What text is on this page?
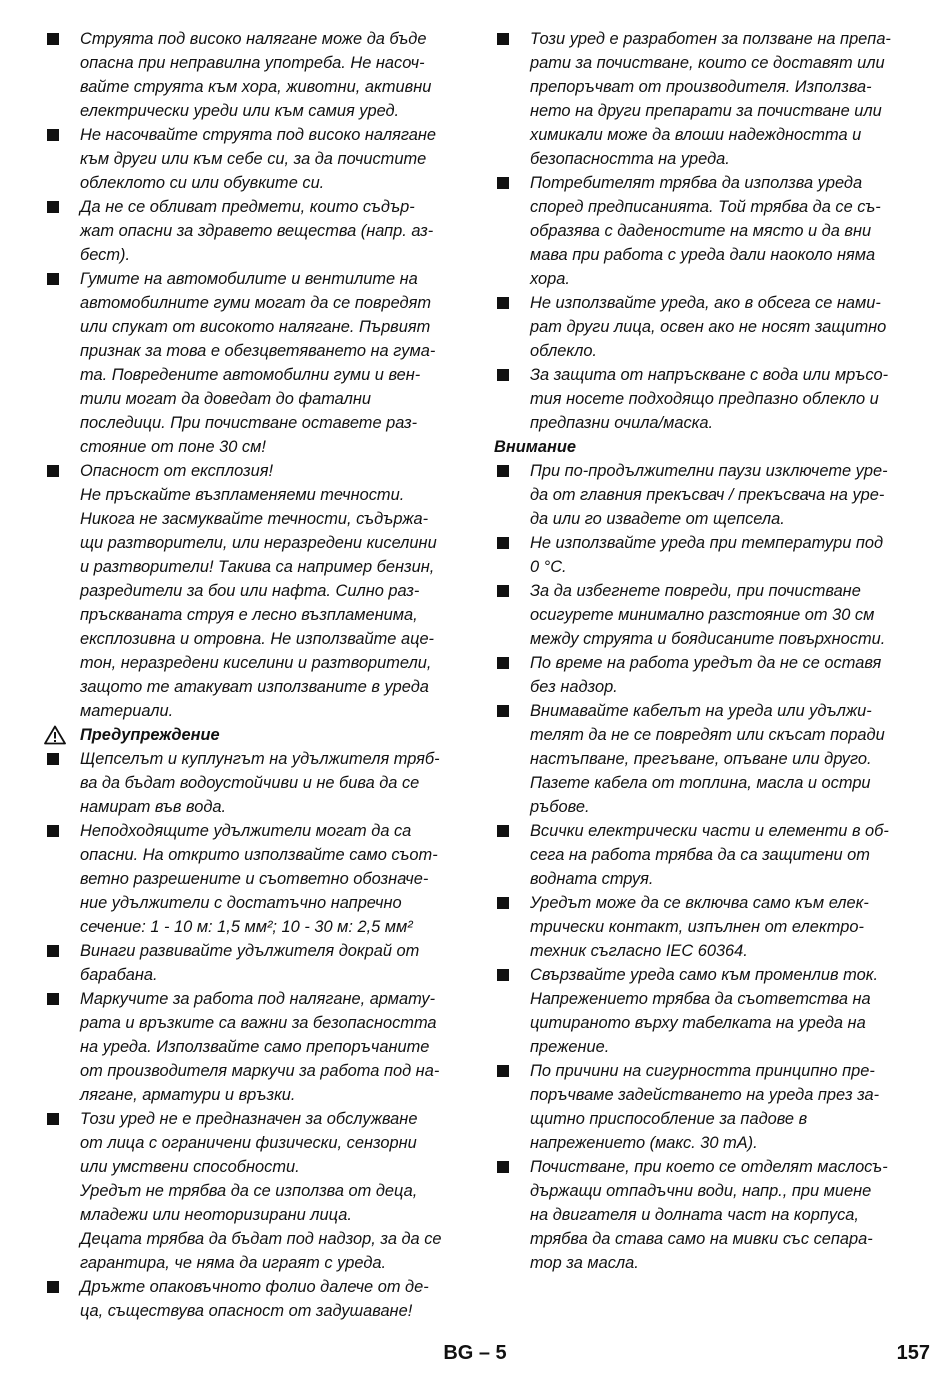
Струята под високо налягане може да бъде
опасна при неправилна употреба. Не насоч-
вайте струята към хора, животни, активни
електрически уреди или към самия уред.
Не насочвайте струята под високо налягане
към други или към себе си, за да почистите
облеклото си или обувките си.
Да не се обливат предмети, които съдър-
жат опасни за здравето вещества (напр. аз-
бест).
Гумите на автомобилите и вентилите на
автомобилните гуми могат да се повредят
или спукат от високото налягане. Първият
признак за това е обезцветяването на гума-
та. Повредените автомобилни гуми и вен-
тили могат да доведат до фатални
последици. При почистване оставете раз-
стояние от поне 30 см!
Опасност от експлозия!
Не пръскайте възпламеняеми течности.
Никога не засмуквайте течности, съдържа-
щи разтворители, или неразредени киселини
и разтворители! Такива са например бензин,
разредители за бои или нафта. Силно раз-
пръскваната струя е лесно възпламенима,
експлозивна и отровна. Не използвайте аце-
тон, неразредени киселини и разтворители,
защото те атакуват използваните в уреда
материали.
Предупреждение
Щепселът и куплунгът на удължителя тряб-
ва да бъдат водоустойчиви и не бива да се
намират във вода.
Неподходящите удължители могат да са
опасни. На открито използвайте само съот-
ветно разрешените и съответно обозначе-
ние удължители с достатъчно напречно
сечение: 1 - 10 м: 1,5 мм²; 10 - 30 м: 2,5 мм²
Винаги развивайте удължителя докрай от
барабана.
Маркучите за работа под налягане, армату-
рата и връзките са важни за безопасността
на уреда. Използвайте само препоръчаните
от производителя маркучи за работа под на-
лягане, арматури и връзки.
Този уред не е предназначен за обслужване
от лица с ограничени физически, сензорни
или умствени способности.
Уредът не трябва да се използва от деца,
младежи или неоторизирани лица.
Децата трябва да бъдат под надзор, за да се
гарантира, че няма да играят с уреда.
Дръжте опаковъчното фолио далече от де-
ца, съществува опасност от задушаване!
Този уред е разработен за ползване на препа-
рати за почистване, които се доставят или
препоръчват от производителя. Използва-
нето на други препарати за почистване или
химикали може да влоши надеждността и
безопасността на уреда.
Потребителят трябва да използва уреда
според предписанията. Той трябва да се съ-
образява с даденостите на място и да вни
мава при работа с уреда дали наоколо няма
хора.
Не използвайте уреда, ако в обсега се нами-
рат други лица, освен ако не носят защитно
облекло.
За защита от напръскване с вода или мръсо-
тия носете подходящо предпазно облекло и
предпазни очила/маска.
Внимание
При по-продължителни паузи изключете уре-
да от главния прекъсвач / прекъсвача на уре-
да или го извадете от щепсела.
Не използвайте уреда при температури под
0 °C.
За да избегнете повреди, при почистване
осигурете минимално разстояние от 30 см
между струята и боядисаните повърхности.
По време на работа уредът да не се оставя
без надзор.
Внимавайте кабелът на уреда или удължи-
телят да не се повредят или скъсат поради
настъпване, прегъване, опъване или друго.
Пазете кабела от топлина, масла и остри
ръбове.
Всички електрически части и елементи в об-
сега на работа трябва да са защитени от
водната струя.
Уредът може да се включва само към елек-
трически контакт, изпълнен от електро-
техник съгласно IEC 60364.
Свързвайте уреда само към променлив ток.
Напрежението трябва да съответства на
цитираното върху табелката на уреда на
прежение.
По причини на сигурността принципно пре-
поръчваме задействането на уреда през за-
щитно приспособление за падове в
напрежението (макс. 30 mA).
Почистване, при което се отделят маслосъ-
държащи отпадъчни води, напр., при миене
на двигателя и долната част на корпуса,
трябва да става само на мивки със сепара-
тор за масла.
BG – 5	157
